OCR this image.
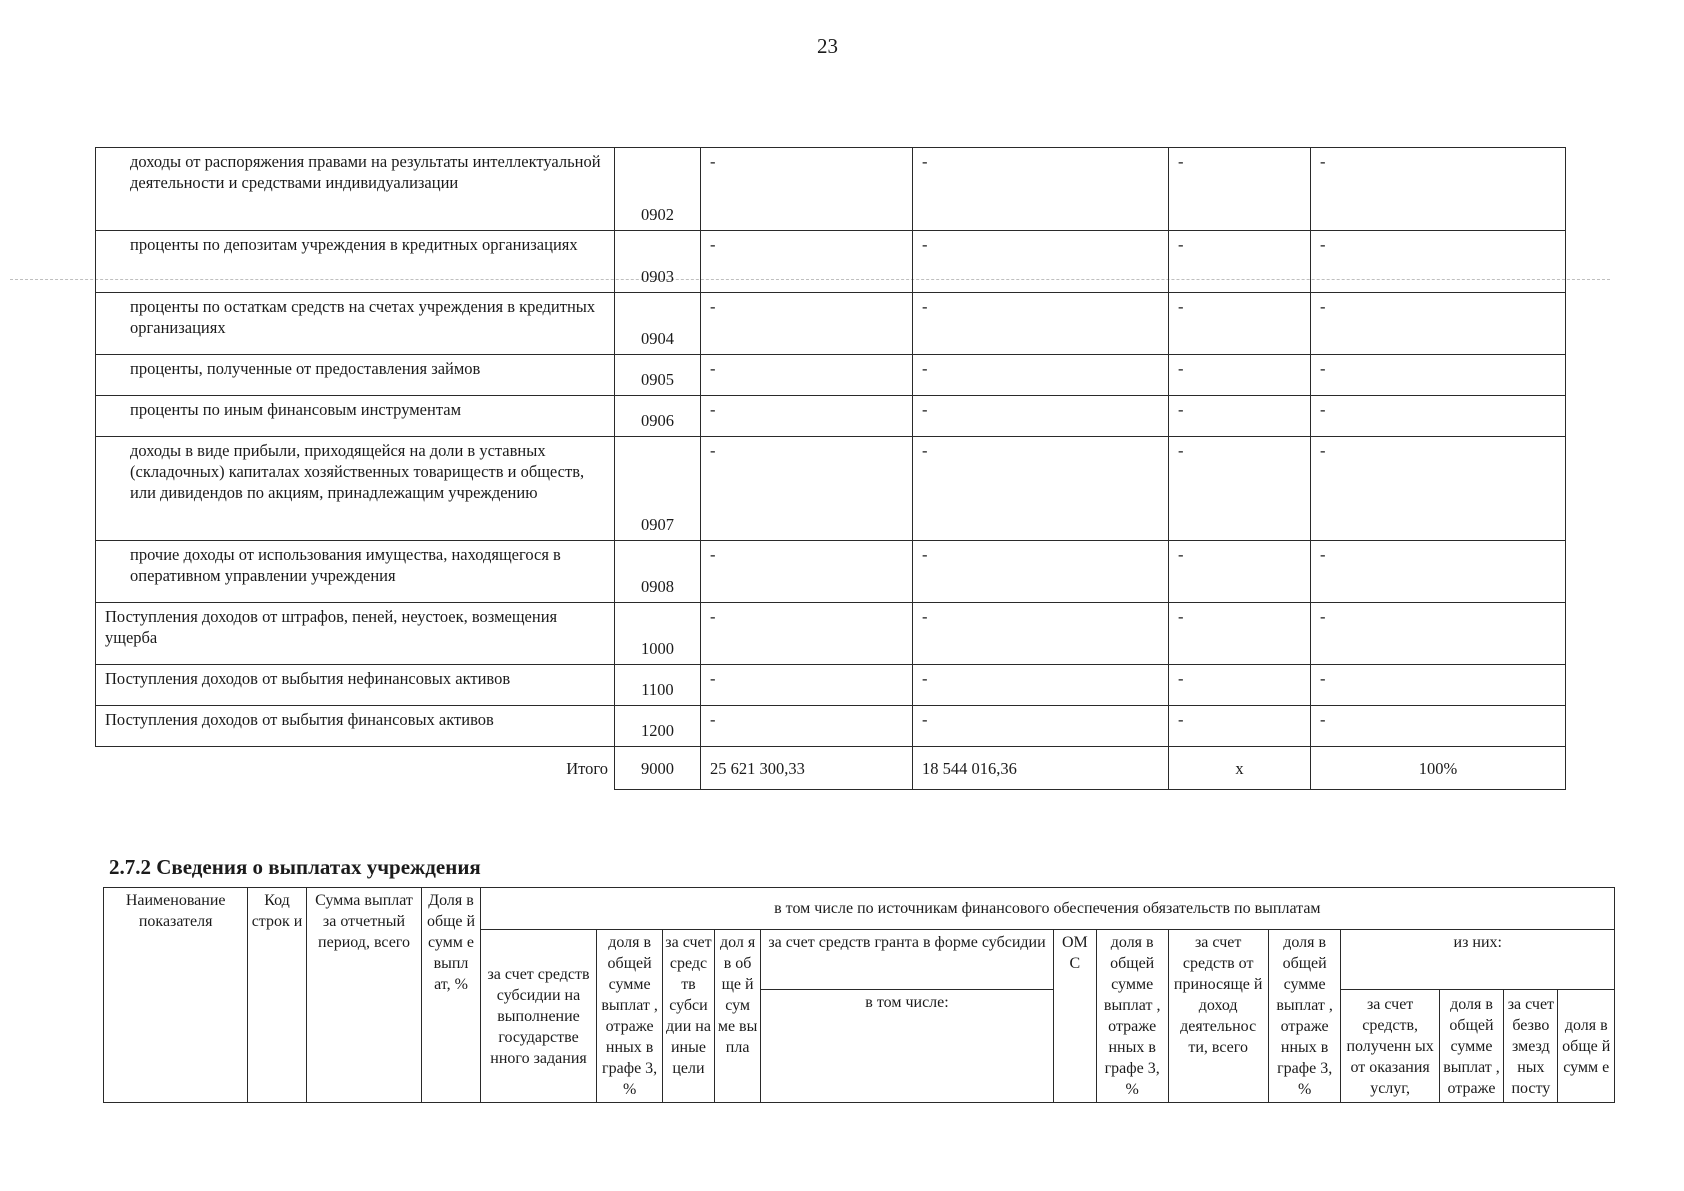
23
доходы от распоряжения правами на результаты интеллектуальной деятельности и средствами индивидуализации	0902	-	-	-	-
проценты по депозитам учреждения в кредитных организациях	0903	-	-	-	-
проценты по остаткам средств на счетах учреждения в кредитных организациях	0904	-	-	-	-
проценты, полученные от предоставления займов	0905	-	-	-	-
проценты по иным финансовым инструментам	0906	-	-	-	-
доходы в виде прибыли, приходящейся на доли в уставных (складочных) капиталах хозяйственных товариществ и обществ, или дивидендов по акциям, принадлежащим учреждению	0907	-	-	-	-
прочие доходы от использования имущества, находящегося в оперативном управлении учреждения	0908	-	-	-	-
Поступления доходов от штрафов, пеней, неустоек, возмещения ущерба	1000	-	-	-	-
Поступления доходов от выбытия нефинансовых активов	1100	-	-	-	-
Поступления доходов от выбытия финансовых активов	1200	-	-	-	-
Итого	9000	25 621 300,33	18 544 016,36	x	100%
2.7.2 Сведения о выплатах учреждения
Наименование показателя	Код строк и	Сумма выплат за отчетный период, всего	Доля в обще й сумм е выпл ат, %	в том числе по источникам финансового обеспечения обязательств по выплатам												
				за счет средств субсидии на выполнение государстве нного задания	доля в общей сумме выплат , отраже нных в графе 3, %	за счет средс тв субси дии на иные цели	дол я в об ще й сум ме вы пла	за счет средств гранта в форме субсидии	ОМ С	доля в общей сумме выплат , отраже нных в графе 3, %	за счет средств от приносяще й доход деятельнос ти, всего	доля в общей сумме выплат , отраже нных в графе 3, %	из них:			
								в том числе:					за счет средств, полученн ых от оказания услуг,	доля в общей сумме выплат , отраже	за счет безво змезд ных посту	доля в обще й сумм е
